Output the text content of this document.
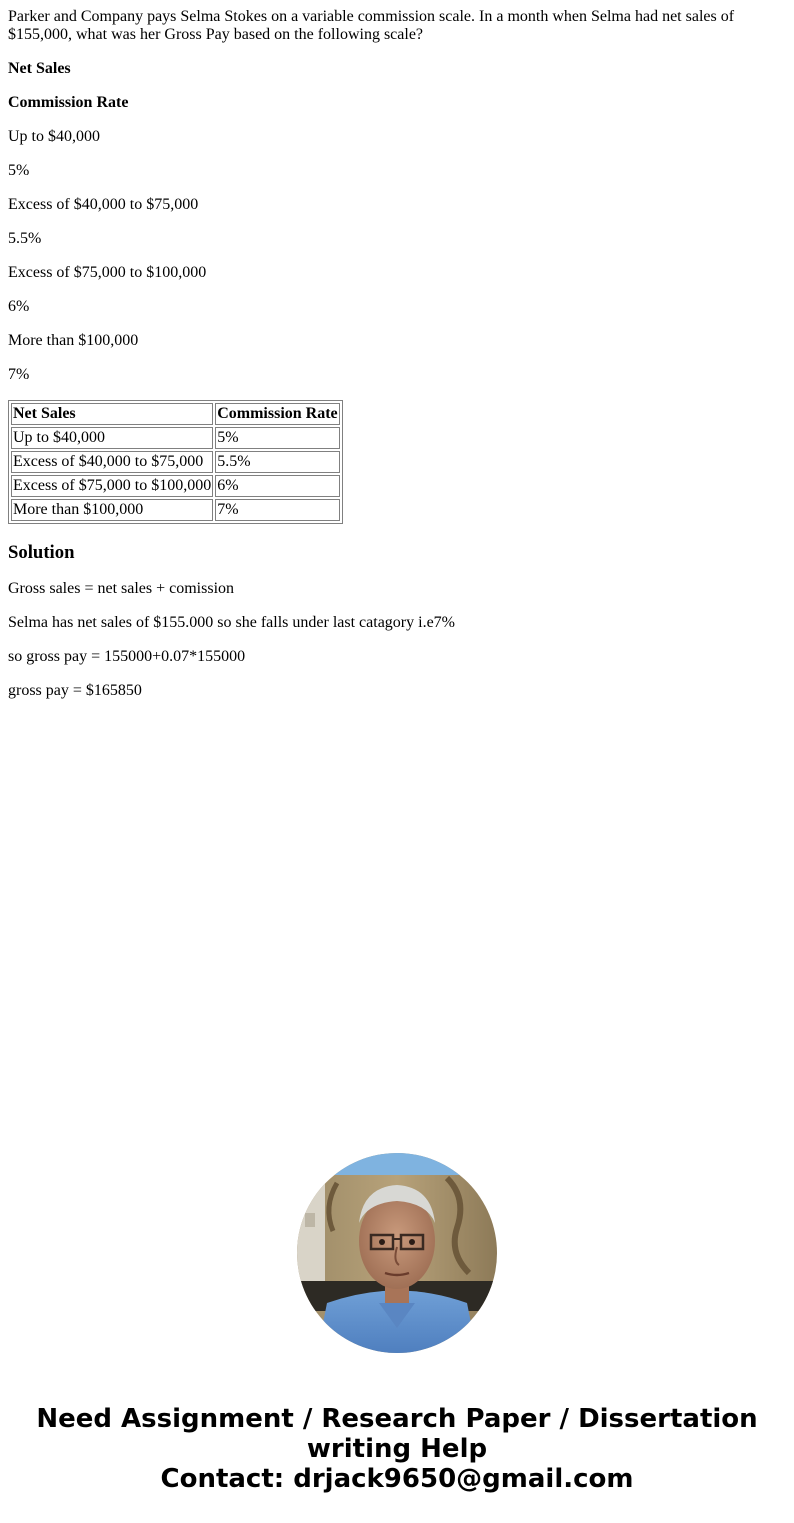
Parker and Company pays Selma Stokes on a variable commission scale. In a month when Selma had net sales of $155,000, what was her Gross Pay based on the following scale?

Net Sales

Commission Rate

Up to $40,000

5%

Excess of $40,000 to $75,000

5.5%

Excess of $75,000 to $100,000

6%

More than $100,000

7%

Net Sales	Commission Rate
Up to $40,000	5%
Excess of $40,000 to $75,000	5.5%
Excess of $75,000 to $100,000	6%
More than $100,000	7%
Solution

Gross sales = net sales + comission

Selma has net sales of $155.000 so she falls under last catagory i.e7%

so gross pay = 155000+0.07*155000

gross pay = $165850

Need Assignment / Research Paper / Dissertation
writing Help
Contact: drjack9650@gmail.com
